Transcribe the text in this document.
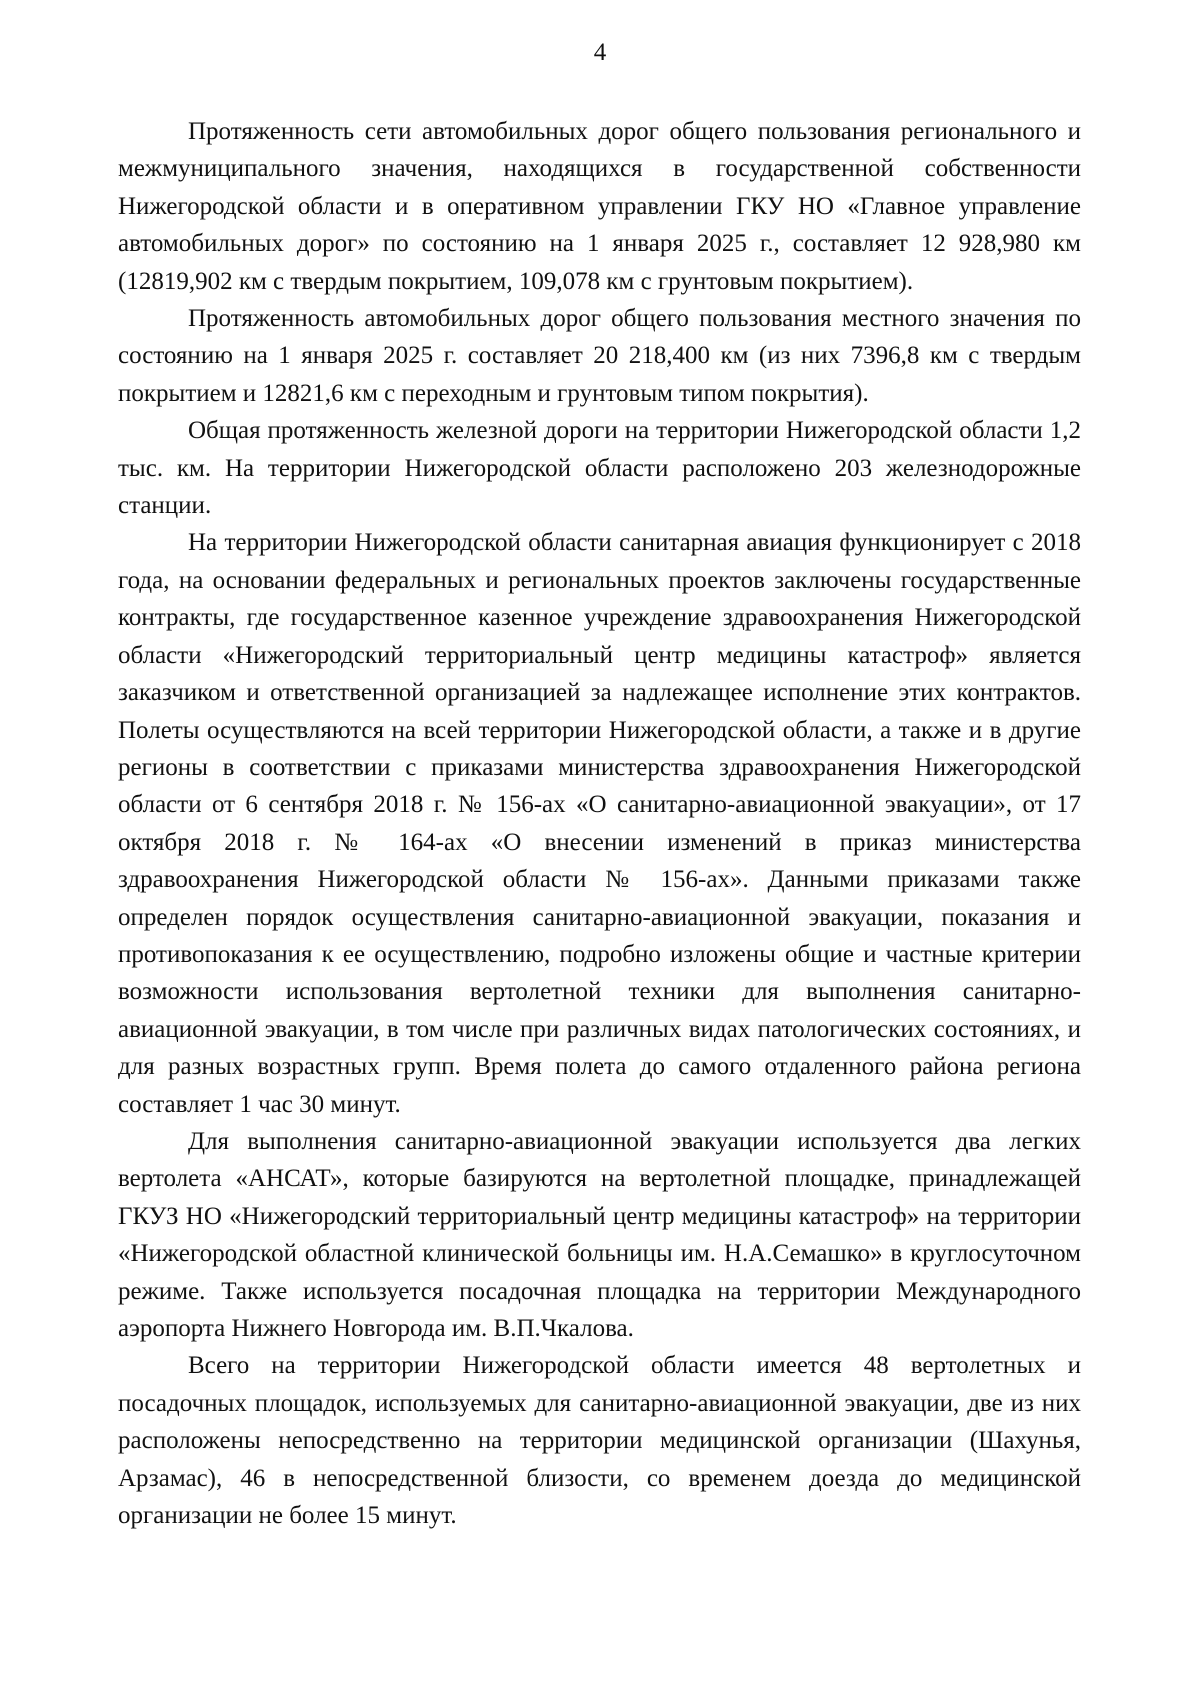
4

Протяженность сети автомобильных дорог общего пользования регионального и межмуниципального значения, находящихся в государственной собственности Нижегородской области и в оперативном управлении ГКУ НО «Главное управление автомобильных дорог» по состоянию на 1 января 2025 г., составляет 12 928,980 км (12819,902 км с твердым покрытием, 109,078 км с грунтовым покрытием).

Протяженность автомобильных дорог общего пользования местного значения по состоянию на 1 января 2025 г. составляет 20 218,400 км (из них 7396,8 км с твердым покрытием и 12821,6 км с переходным и грунтовым типом покрытия).

Общая протяженность железной дороги на территории Нижегородской области 1,2 тыс. км. На территории Нижегородской области расположено 203 железнодорожные станции.

На территории Нижегородской области санитарная авиация функционирует с 2018 года, на основании федеральных и региональных проектов заключены государственные контракты, где государственное казенное учреждение здравоохранения Нижегородской области «Нижегородский территориальный центр медицины катастроф» является заказчиком и ответственной организацией за надлежащее исполнение этих контрактов. Полеты осуществляются на всей территории Нижегородской области, а также и в другие регионы в соответствии с приказами министерства здравоохранения Нижегородской области от 6 сентября 2018 г. № 156-ах «О санитарно-авиационной эвакуации», от 17 октября 2018 г. № 164-ах «О внесении изменений в приказ министерства здравоохранения Нижегородской области № 156-ах». Данными приказами также определен порядок осуществления санитарно-авиационной эвакуации, показания и противопоказания к ее осуществлению, подробно изложены общие и частные критерии возможности использования вертолетной техники для выполнения санитарно-авиационной эвакуации, в том числе при различных видах патологических состояниях, и для разных возрастных групп. Время полета до самого отдаленного района региона составляет 1 час 30 минут.

Для выполнения санитарно-авиационной эвакуации используется два легких вертолета «АНСАТ», которые базируются на вертолетной площадке, принадлежащей ГКУЗ НО «Нижегородский территориальный центр медицины катастроф» на территории «Нижегородской областной клинической больницы им. Н.А.Семашко» в круглосуточном режиме. Также используется посадочная площадка на территории Международного аэропорта Нижнего Новгорода им. В.П.Чкалова.

Всего на территории Нижегородской области имеется 48 вертолетных и посадочных площадок, используемых для санитарно-авиационной эвакуации, две из них расположены непосредственно на территории медицинской организации (Шахунья, Арзамас), 46 в непосредственной близости, со временем доезда до медицинской организации не более 15 минут.
